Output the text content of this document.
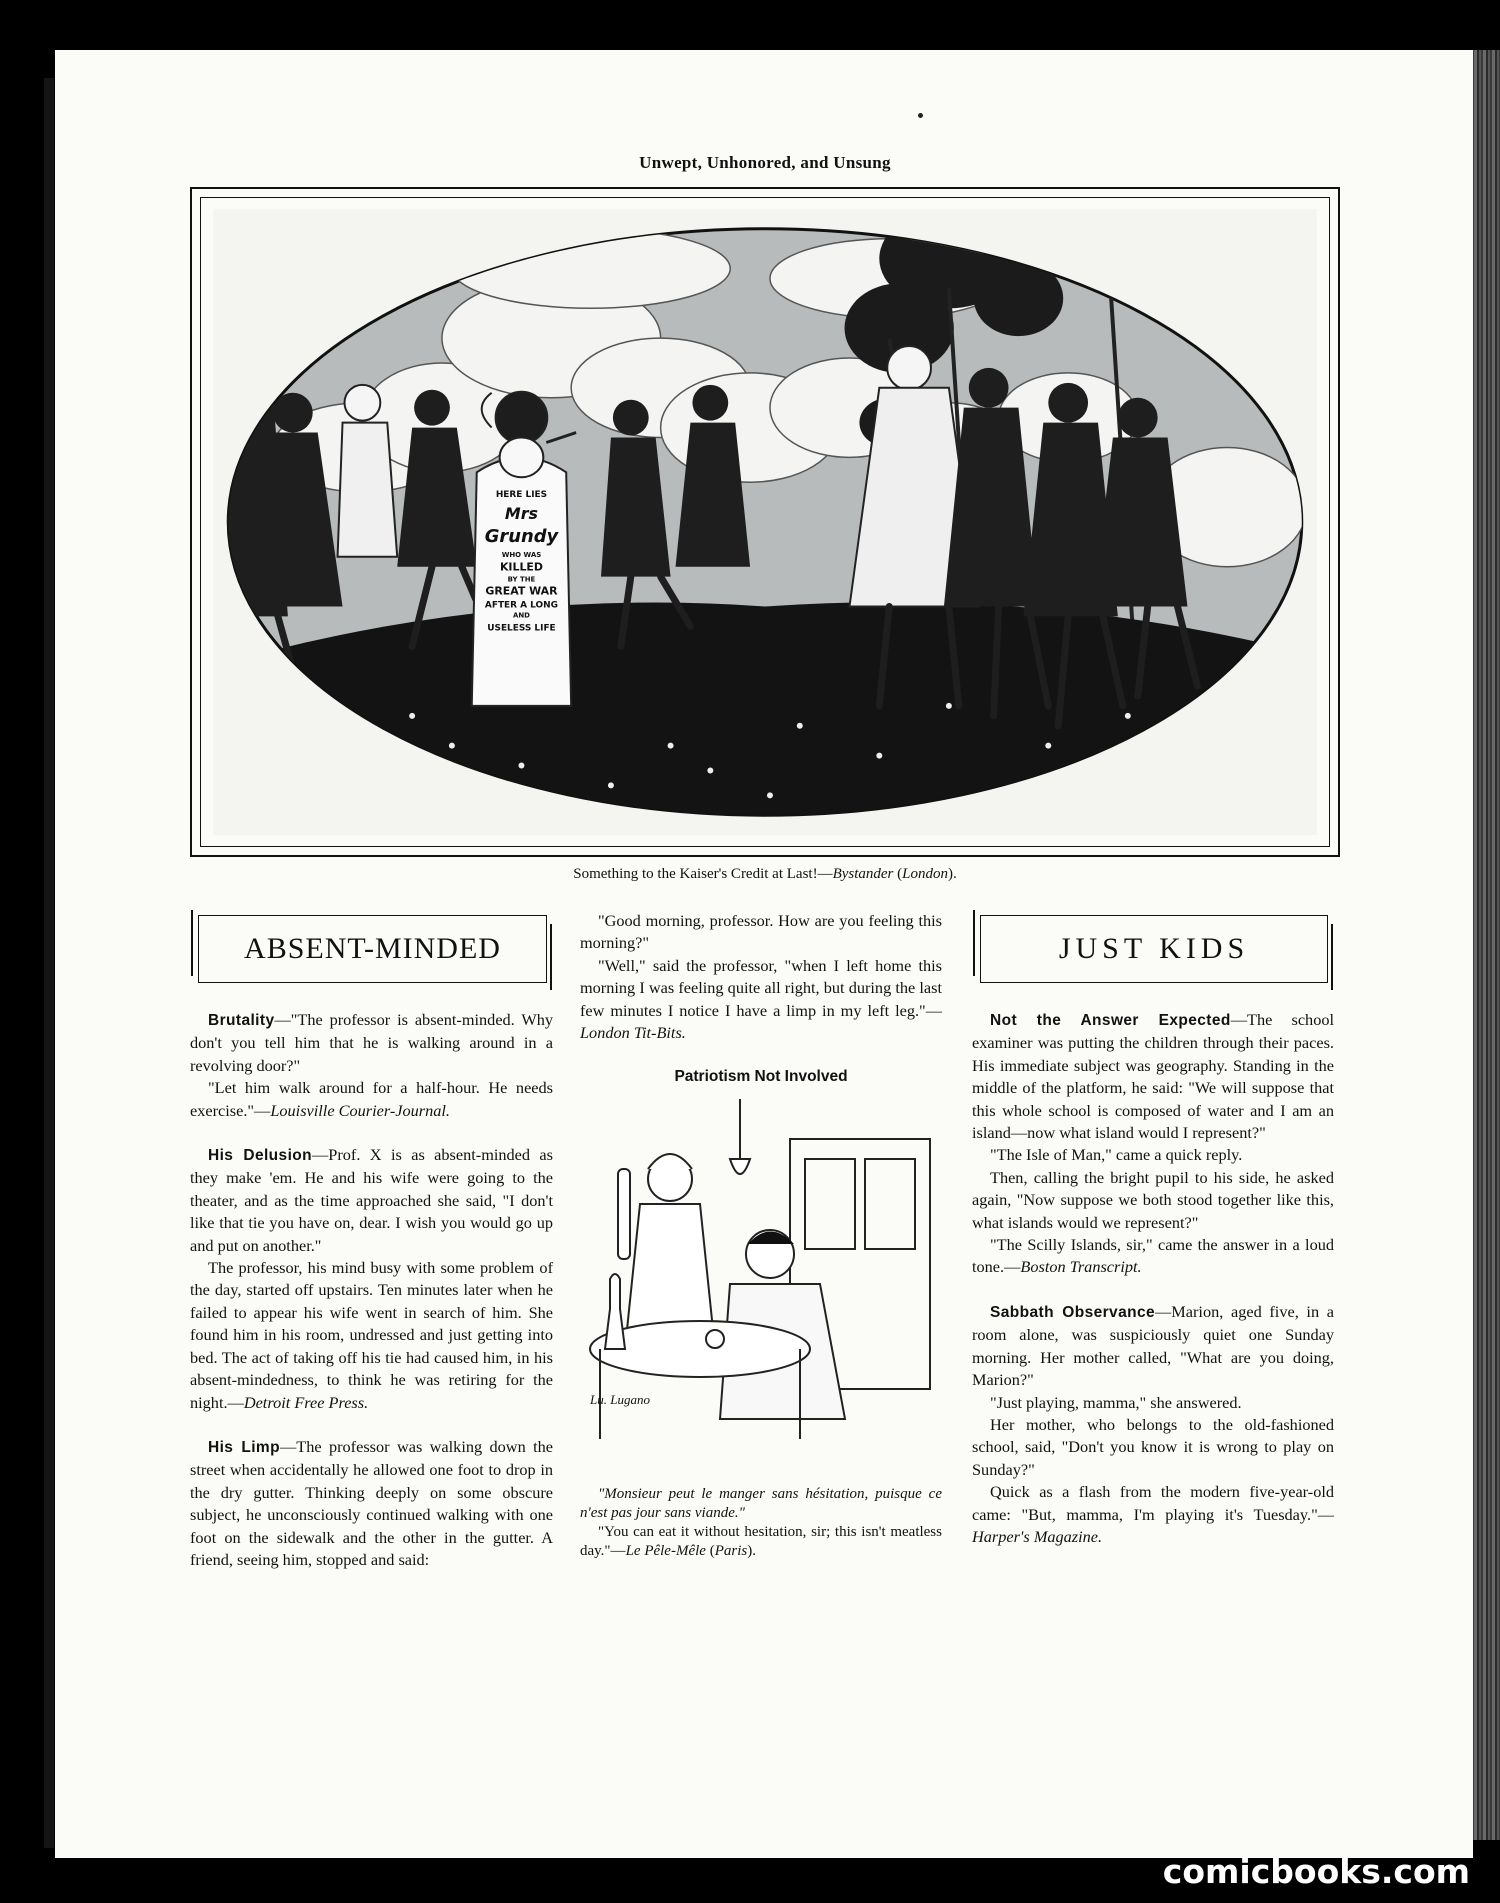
Unwept, Unhonored, and Unsung
HERE LIES
Mrs
Grundy
WHO WAS
KILLED
BY THE
GREAT WAR
AFTER A LONG
AND
USELESS LIFE
Something to the Kaiser's Credit at Last!—Bystander (London).
ABSENT-MINDED

Brutality—"The professor is absent-minded. Why don't you tell him that he is walking around in a revolving door?"

"Let him walk around for a half-hour. He needs exercise."—Louisville Courier-Journal.

His Delusion—Prof. X is as absent-minded as they make 'em. He and his wife were going to the theater, and as the time approached she said, "I don't like that tie you have on, dear. I wish you would go up and put on another."

The professor, his mind busy with some problem of the day, started off upstairs. Ten minutes later when he failed to appear his wife went in search of him. She found him in his room, undressed and just getting into bed. The act of taking off his tie had caused him, in his absent-mindedness, to think he was retiring for the night.—Detroit Free Press.

His Limp—The professor was walking down the street when accidentally he allowed one foot to drop in the dry gutter. Thinking deeply on some obscure subject, he unconsciously continued walking with one foot on the sidewalk and the other in the gutter. A friend, seeing him, stopped and said:

"Good morning, professor. How are you feeling this morning?"

"Well," said the professor, "when I left home this morning I was feeling quite all right, but during the last few minutes I notice I have a limp in my left leg."—London Tit-Bits.

Patriotism Not Involved
Lu. Lugano

"Monsieur peut le manger sans hésitation, puisque ce n'est pas jour sans viande."

"You can eat it without hesitation, sir; this isn't meatless day."—Le Pêle-Mêle (Paris).

JUST KIDS

Not the Answer Expected—The school examiner was putting the children through their paces. His immediate subject was geography. Standing in the middle of the platform, he said: "We will suppose that this whole school is composed of water and I am an island—now what island would I represent?"

"The Isle of Man," came a quick reply.

Then, calling the bright pupil to his side, he asked again, "Now suppose we both stood together like this, what islands would we represent?"

"The Scilly Islands, sir," came the answer in a loud tone.—Boston Transcript.

Sabbath Observance—Marion, aged five, in a room alone, was suspiciously quiet one Sunday morning. Her mother called, "What are you doing, Marion?"

"Just playing, mamma," she answered.

Her mother, who belongs to the old-fashioned school, said, "Don't you know it is wrong to play on Sunday?"

Quick as a flash from the modern five-year-old came: "But, mamma, I'm playing it's Tuesday."—Harper's Magazine.

comicbooks.com
